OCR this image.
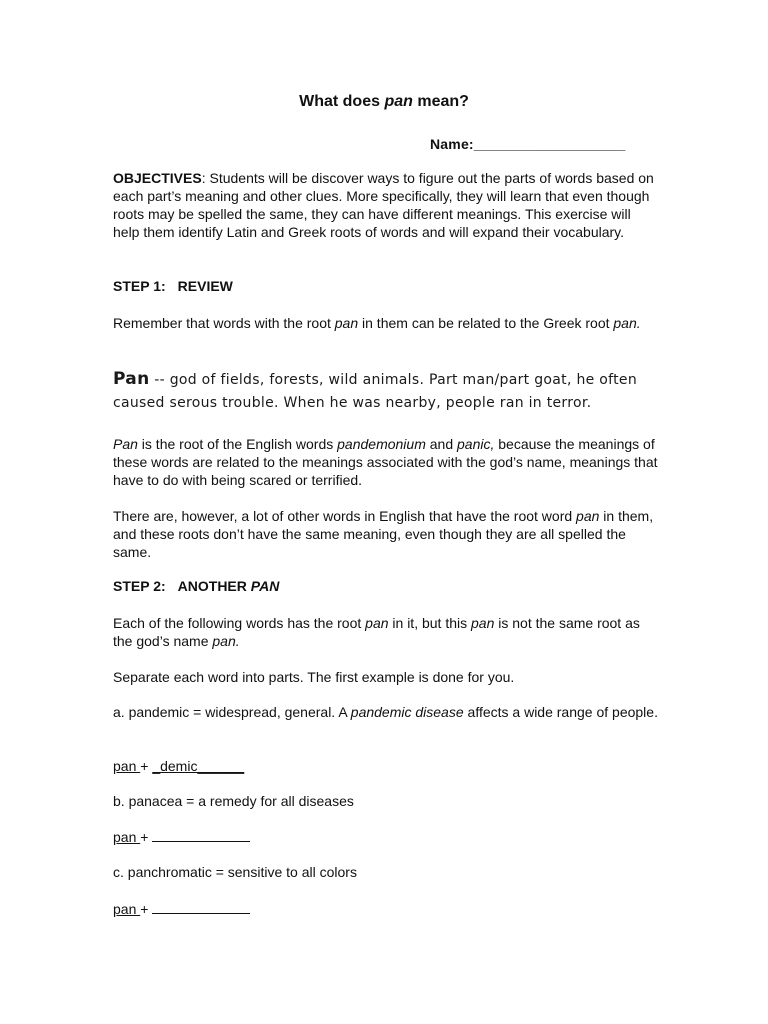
What does pan mean?
Name:___________________
OBJECTIVES: Students will be discover ways to figure out the parts of words based on each part’s meaning and other clues. More specifically, they will learn that even though roots may be spelled the same, they can have different meanings. This exercise will help them identify Latin and Greek roots of words and will expand their vocabulary.
STEP 1: REVIEW
Remember that words with the root pan in them can be related to the Greek root pan.
Pan -- god of fields, forests, wild animals. Part man/part goat, he often caused serous trouble. When he was nearby, people ran in terror.
Pan is the root of the English words pandemonium and panic, because the meanings of these words are related to the meanings associated with the god’s name, meanings that have to do with being scared or terrified.
There are, however, a lot of other words in English that have the root word pan in them, and these roots don’t have the same meaning, even though they are all spelled the same.
STEP 2: ANOTHER PAN
Each of the following words has the root pan in it, but this pan is not the same root as the god’s name pan.
Separate each word into parts. The first example is done for you.
a. pandemic = widespread, general. A pandemic disease affects a wide range of people.
pan + _demic______
b. panacea = a remedy for all diseases
pan +
c. panchromatic = sensitive to all colors
pan +
